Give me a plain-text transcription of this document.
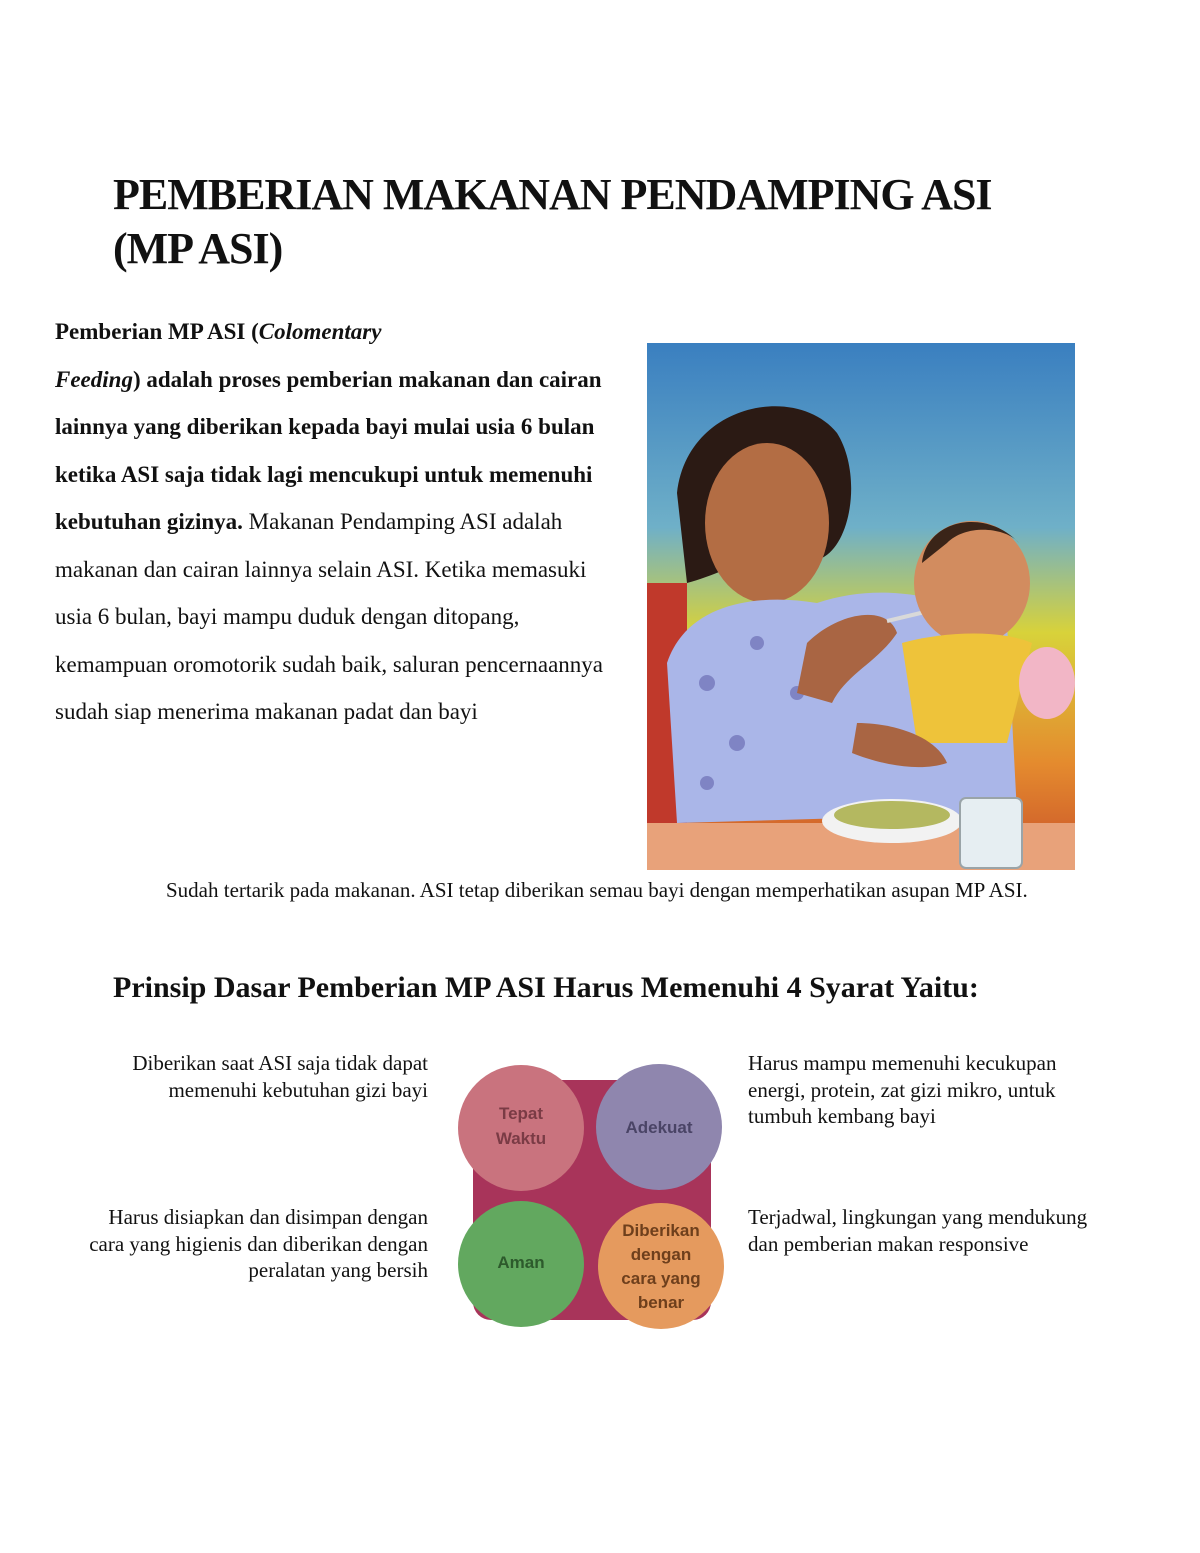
PEMBERIAN MAKANAN PENDAMPING ASI
(MP ASI)

Pemberian MP ASI (Colomentary
Feeding) adalah proses pemberian makanan dan cairan lainnya yang diberikan kepada bayi mulai usia 6 bulan ketika ASI saja tidak lagi mencukupi untuk memenuhi kebutuhan gizinya. Makanan Pendamping ASI adalah makanan dan cairan lainnya selain ASI. Ketika memasuki usia 6 bulan, bayi mampu duduk dengan ditopang, kemampuan oromotorik sudah baik, saluran pencernaannya sudah siap menerima makanan padat dan bayi

Sudah tertarik pada makanan. ASI tetap diberikan semau bayi dengan memperhatikan asupan MP ASI.

Prinsip Dasar Pemberian MP ASI Harus Memenuhi 4 Syarat Yaitu:

Diberikan saat ASI saja tidak dapat memenuhi kebutuhan gizi bayi

Harus mampu memenuhi kecukupan energi, protein, zat gizi mikro, untuk tumbuh kembang bayi

Harus disiapkan dan disimpan dengan cara yang higienis dan diberikan dengan peralatan yang bersih

Terjadwal, lingkungan yang mendukung dan pemberian makan responsive

Tepat
Waktu
Adekuat
Aman
Diberikan
dengan
cara yang
benar
